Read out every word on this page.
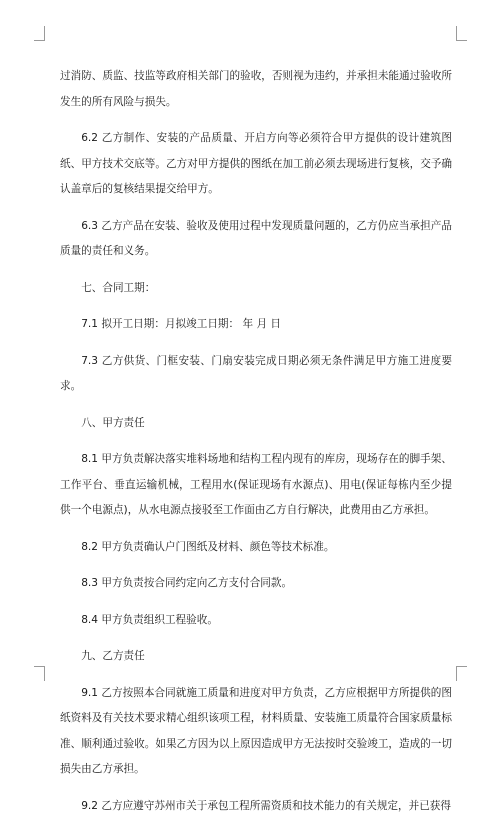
过消防、质监、技监等政府相关部门的验收，否则视为违约，并承担未能通过验收所发生的所有风险与损失。

6.2 乙方制作、安装的产品质量、开启方向等必须符合甲方提供的设计建筑图纸、甲方技术交底等。乙方对甲方提供的图纸在加工前必须去现场进行复核，交予确认盖章后的复核结果提交给甲方。

6.3 乙方产品在安装、验收及使用过程中发现质量问题的，乙方仍应当承担产品质量的责任和义务。

七、合同工期：

7.1 拟开工日期：月拟竣工日期： 年 月 日

7.3 乙方供货、门框安装、门扇安装完成日期必须无条件满足甲方施工进度要求。

八、甲方责任

8.1 甲方负责解决落实堆料场地和结构工程内现有的库房，现场存在的脚手架、工作平台、垂直运输机械，工程用水(保证现场有水源点)、用电(保证每栋内至少提供一个电源点)，从水电源点接驳至工作面由乙方自行解决，此费用由乙方承担。

8.2 甲方负责确认户门图纸及材料、颜色等技术标准。

8.3 甲方负责按合同约定向乙方支付合同款。

8.4 甲方负责组织工程验收。

九、乙方责任

9.1 乙方按照本合同就施工质量和进度对甲方负责，乙方应根据甲方所提供的图纸资料及有关技术要求精心组织该项工程，材料质量、安装施工质量符合国家质量标准、顺利通过验收。如果乙方因为以上原因造成甲方无法按时交验竣工，造成的一切损失由乙方承担。

9.2 乙方应遵守苏州市关于承包工程所需资质和技术能力的有关规定，并已获得
